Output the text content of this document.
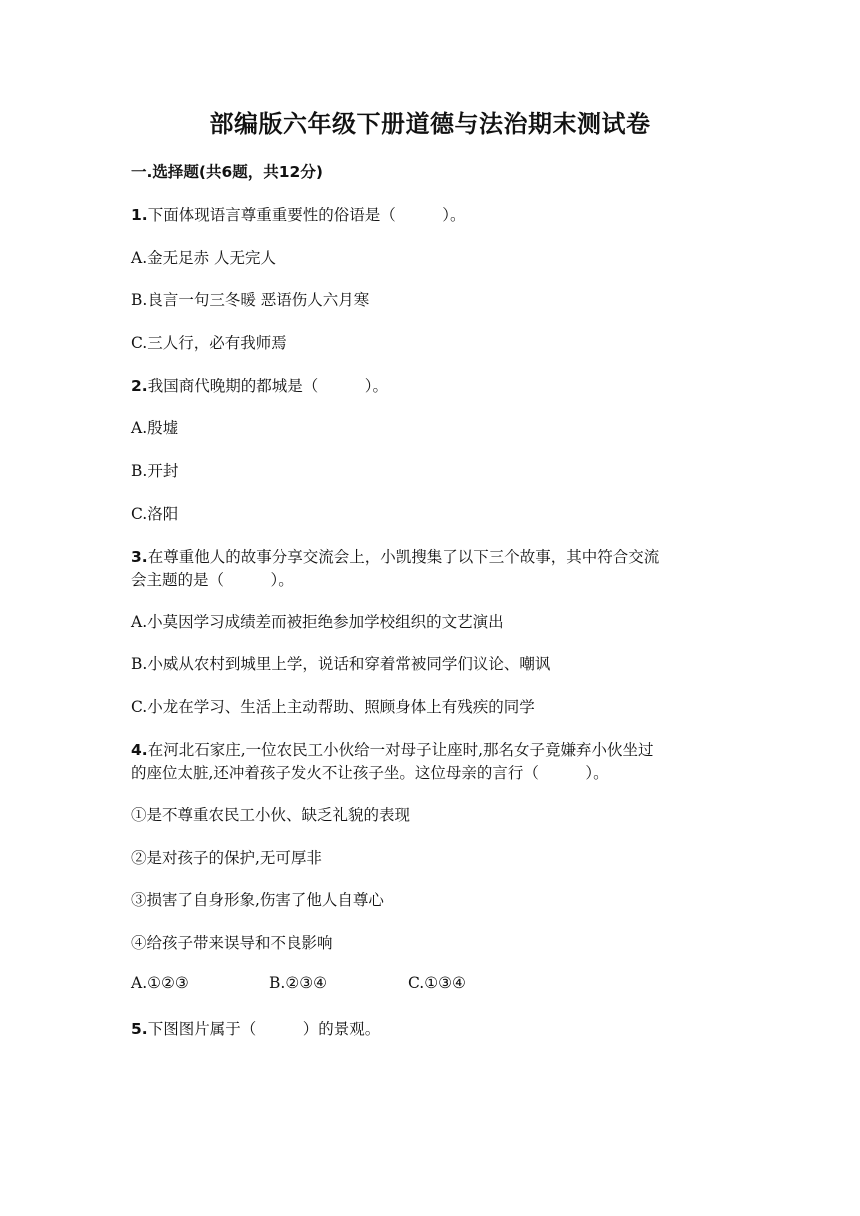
部编版六年级下册道德与法治期末测试卷
一.选择题(共6题，共12分)
1.下面体现语言尊重重要性的俗语是（　　　）。
A.金无足赤 人无完人
B.良言一句三冬暖 恶语伤人六月寒
C.三人行，必有我师焉
2.我国商代晚期的都城是（　　　）。
A.殷墟
B.开封
C.洛阳
3.在尊重他人的故事分享交流会上，小凯搜集了以下三个故事，其中符合交流
会主题的是（　　　）。
A.小莫因学习成绩差而被拒绝参加学校组织的文艺演出
B.小威从农村到城里上学，说话和穿着常被同学们议论、嘲讽
C.小龙在学习、生活上主动帮助、照顾身体上有残疾的同学
4.在河北石家庄,一位农民工小伙给一对母子让座时,那名女子竟嫌弃小伙坐过
的座位太脏,还冲着孩子发火不让孩子坐。这位母亲的言行（　　　）。
①是不尊重农民工小伙、缺乏礼貌的表现
②是对孩子的保护,无可厚非
③损害了自身形象,伤害了他人自尊心
④给孩子带来误导和不良影响
A.①②③	B.②③④	C.①③④
5.下图图片属于（　　　）的景观。
